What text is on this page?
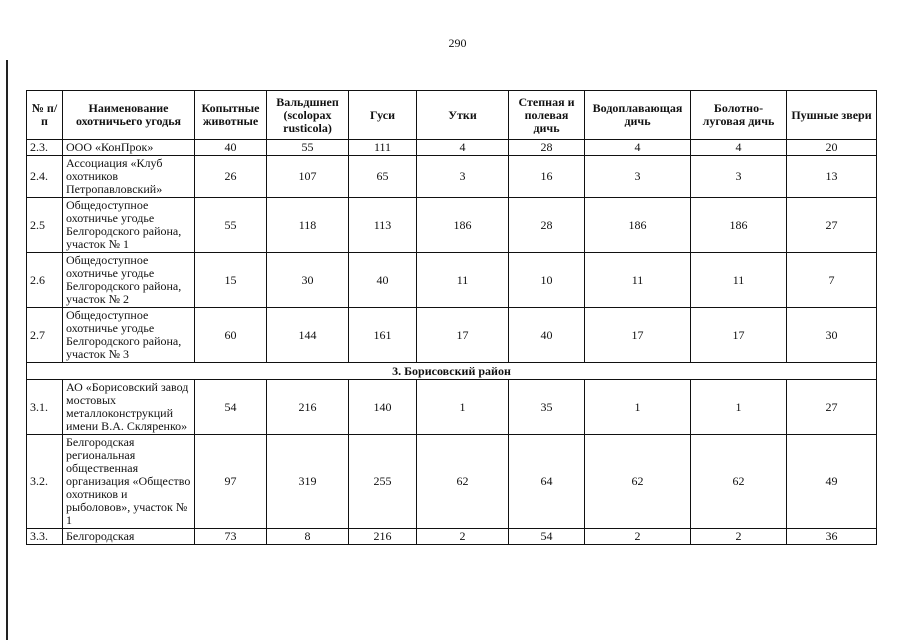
290
№ п/п	Наименование охотничьего угодья	Копытные животные	Вальдшнеп (scolopax rusticola)	Гуси	Утки	Степная и полевая дичь	Водоплавающая дичь	Болотно-луговая дичь	Пушные звери
2.3.	ООО «КонПрок»	40	55	111	4	28	4	4	20
2.4.	Ассоциация «Клуб охотников Петропавловский»	26	107	65	3	16	3	3	13
2.5	Общедоступное охотничье угодье Белгородского района, участок № 1	55	118	113	186	28	186	186	27
2.6	Общедоступное охотничье угодье Белгородского района, участок № 2	15	30	40	11	10	11	11	7
2.7	Общедоступное охотничье угодье Белгородского района, участок № 3	60	144	161	17	40	17	17	30
3. Борисовский район									
3.1.	АО «Борисовский завод мостовых металлоконструкций имени В.А. Скляренко»	54	216	140	1	35	1	1	27
3.2.	Белгородская региональная общественная организация «Общество охотников и рыболовов», участок № 1	97	319	255	62	64	62	62	49
3.3.	Белгородская	73	8	216	2	54	2	2	36
